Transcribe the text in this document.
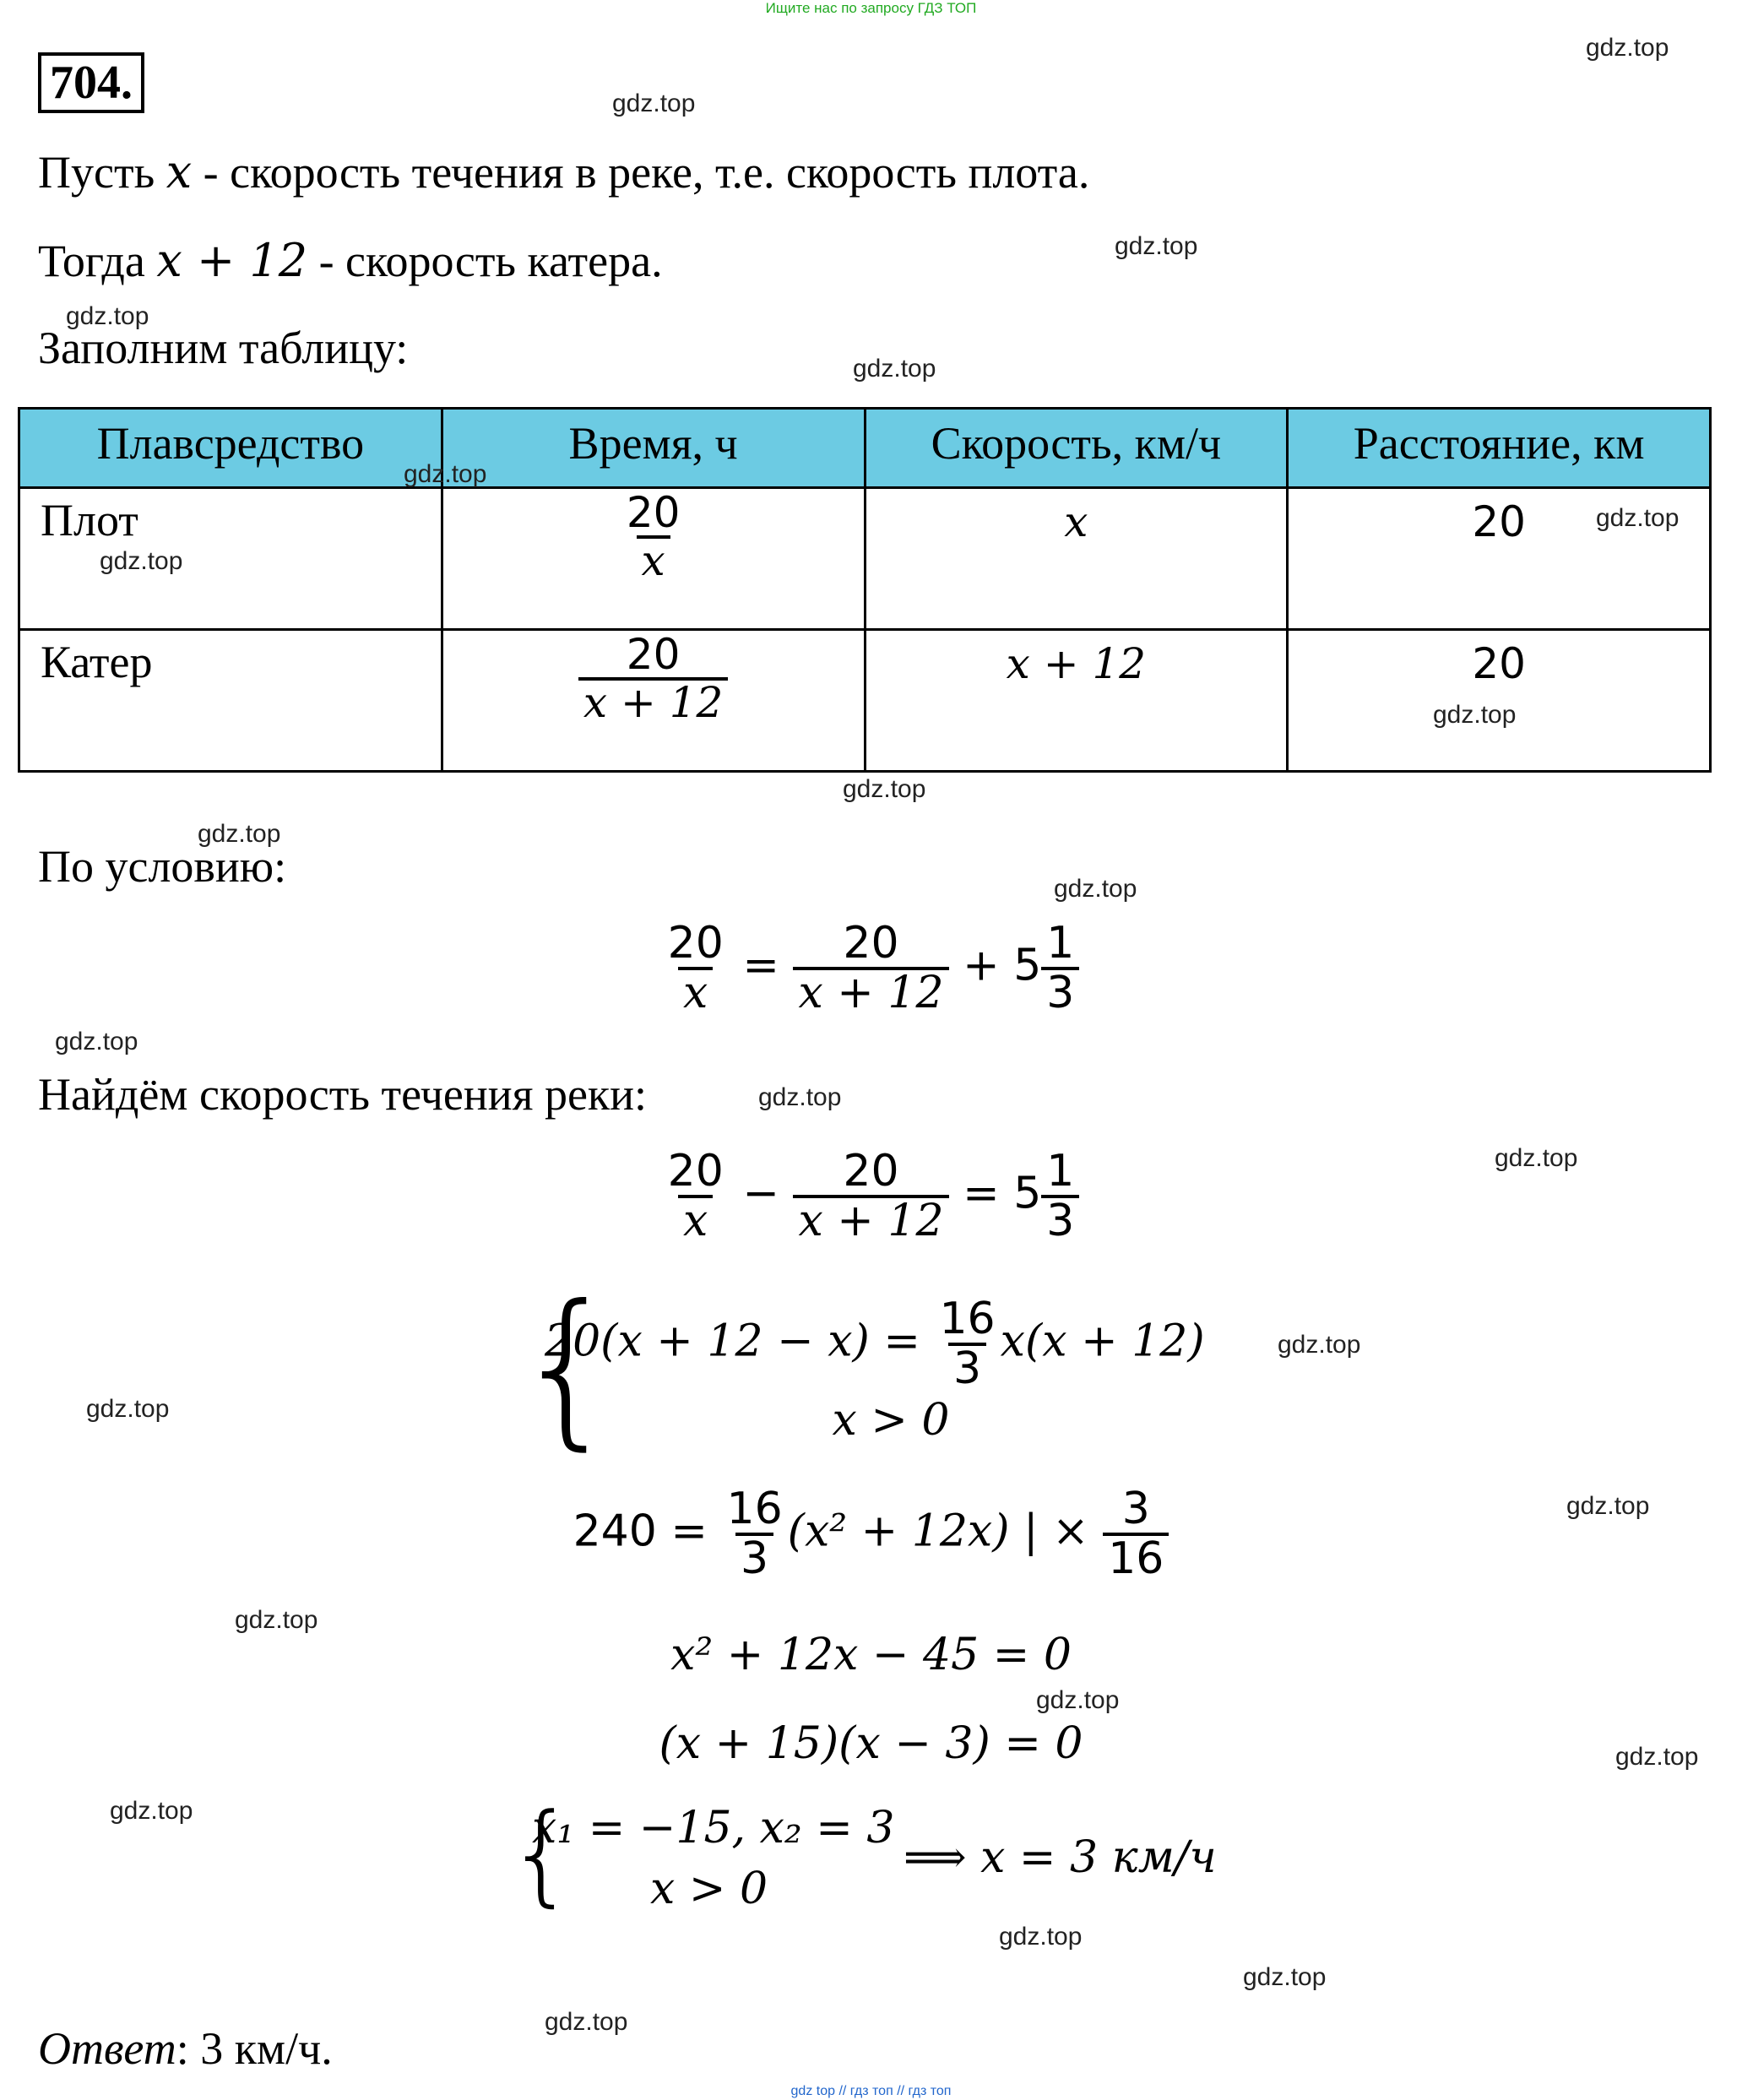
Ищите нас по запросу ГДЗ ТОП
704.
Пусть x - скорость течения в реке, т.е. скорость плота.
Тогда x + 12 - скорость катера.
Заполним таблицу:
Плавсредство	Время, ч	Скорость, км/ч	Расстояние, км
Плот	$\frac{20}{x}$	x	20
Катер	$\frac{20}{x + 12}$	x + 12	20
По условию:
$\frac{20}{x} = \frac{20}{x + 12} + 5 \frac{1}{3}$
Найдём скорость течения реки:
$\frac{20}{x} - \frac{20}{x + 12} = 5 \frac{1}{3}$
{
$20(x + 12 - x) = \frac{16}{3} x(x + 12)$
x > 0
$240 = \frac{16}{3} (x^2 + 12x)$ | × $\frac{3}{16}$
x² + 12x − 45 = 0
(x + 15)(x − 3) = 0
{
x₁ = −15, x₂ = 3
x > 0
⟹ x = 3 км/ч
Ответ: 3 км/ч.
gdz.top
gdz.top
gdz.top
gdz.top
gdz.top
gdz.top
gdz.top
gdz.top
gdz.top
gdz.top
gdz.top
gdz.top
gdz.top
gdz.top
gdz.top
gdz.top
gdz.top
gdz.top
gdz.top
gdz.top
gdz.top
gdz.top
gdz.top
gdz.top
gdz.top
gdz top // гдз топ // гдз топ
